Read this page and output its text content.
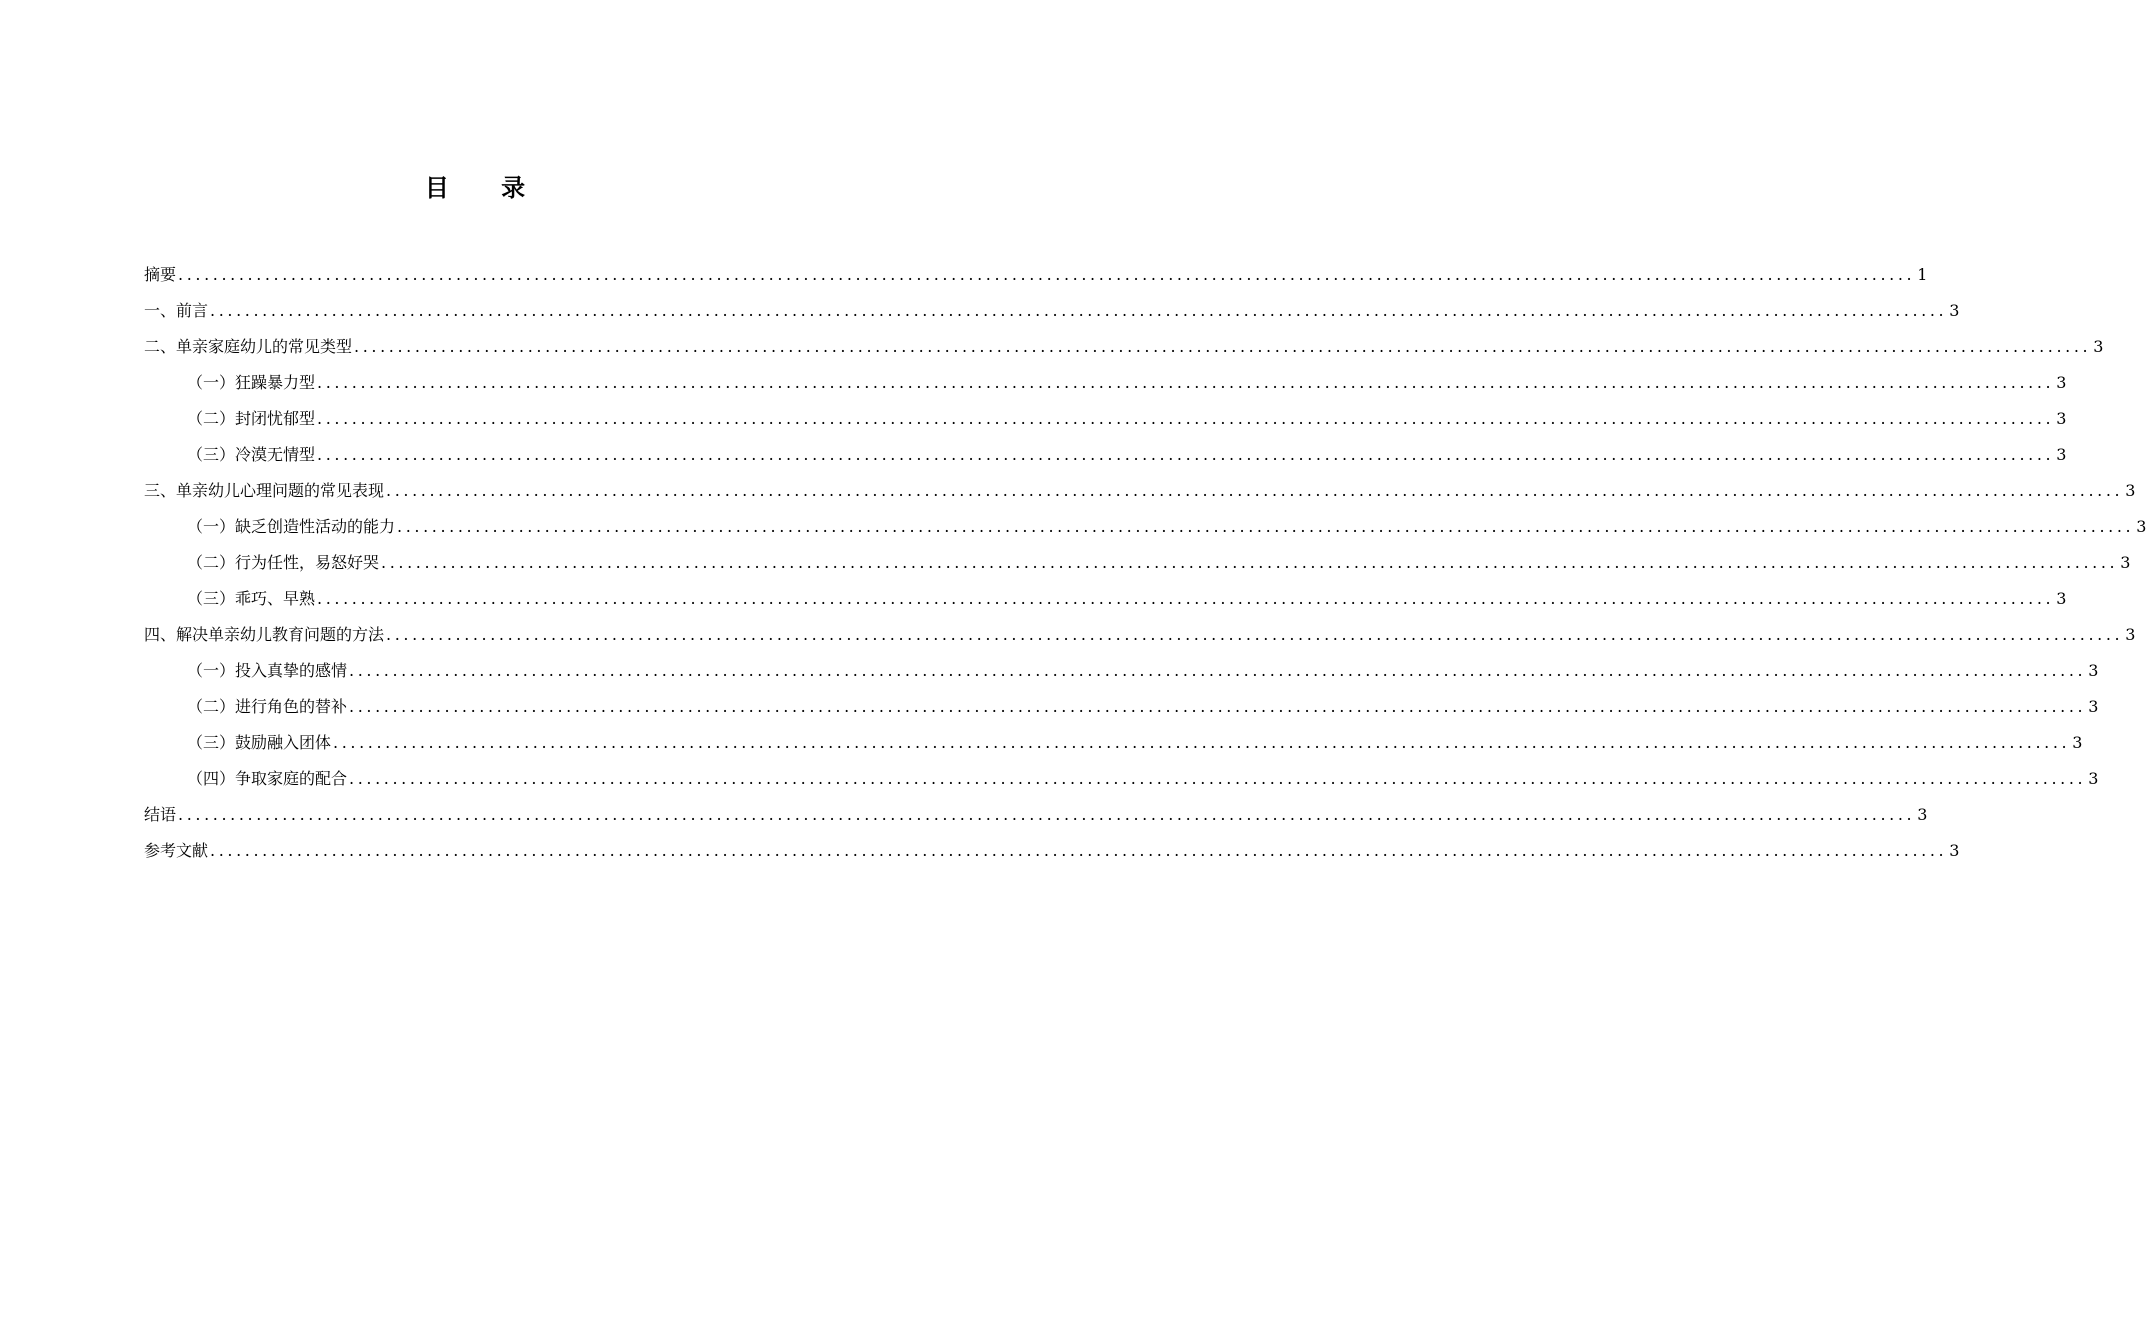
目 录
摘要 ........................................................................................................................................................................................................ 1
一、前言 ........................................................................................................................................................................................................ 3
二、单亲家庭幼儿的常见类型 ........................................................................................................................................................................................................ 3
（一）狂躁暴力型 ........................................................................................................................................................................................................ 3
（二）封闭忧郁型 ........................................................................................................................................................................................................ 3
（三）冷漠无情型 ........................................................................................................................................................................................................ 3
三、单亲幼儿心理问题的常见表现 ........................................................................................................................................................................................................ 3
（一）缺乏创造性活动的能力 ........................................................................................................................................................................................................ 3
（二）行为任性，易怒好哭 ........................................................................................................................................................................................................ 3
（三）乖巧、早熟 ........................................................................................................................................................................................................ 3
四、解决单亲幼儿教育问题的方法 ........................................................................................................................................................................................................ 3
（一）投入真挚的感情 ........................................................................................................................................................................................................ 3
（二）进行角色的替补 ........................................................................................................................................................................................................ 3
（三）鼓励融入团体 ........................................................................................................................................................................................................ 3
（四）争取家庭的配合 ........................................................................................................................................................................................................ 3
结语 ........................................................................................................................................................................................................ 3
参考文献 ........................................................................................................................................................................................................ 3
